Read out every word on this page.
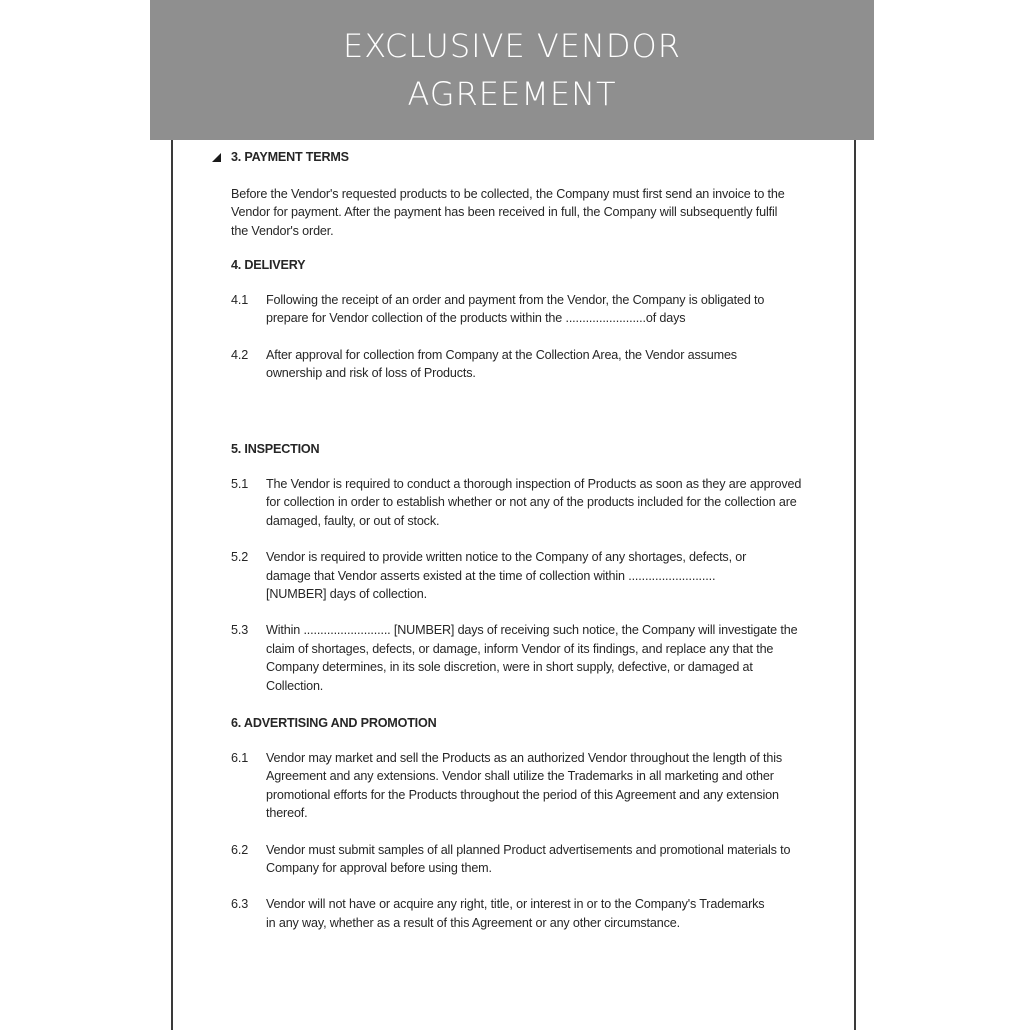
EXCLUSIVE VENDOR
AGREEMENT
3. PAYMENT TERMS

Before the Vendor's requested products to be collected, the Company must first send an invoice to the Vendor for payment. After the payment has been received in full, the Company will subsequently fulfil the Vendor's order.

4. DELIVERY
4.1	Following the receipt of an order and payment from the Vendor, the Company is obligated to prepare for Vendor collection of the products within the ........................of days
4.2	After approval for collection from Company at the Collection Area, the Vendor assumes ownership and risk of loss of Products.
5. INSPECTION
5.1	The Vendor is required to conduct a thorough inspection of Products as soon as they are approved for collection in order to establish whether or not any of the products included for the collection are damaged, faulty, or out of stock.
5.2	Vendor is required to provide written notice to the Company of any shortages, defects, or damage that Vendor asserts existed at the time of collection within .......................... [NUMBER] days of collection.
5.3	Within .......................... [NUMBER] days of receiving such notice, the Company will investigate the claim of shortages, defects, or damage, inform Vendor of its findings, and replace any that the Company determines, in its sole discretion, were in short supply, defective, or damaged at Collection.
6. ADVERTISING AND PROMOTION
6.1	Vendor may market and sell the Products as an authorized Vendor throughout the length of this Agreement and any extensions. Vendor shall utilize the Trademarks in all marketing and other promotional efforts for the Products throughout the period of this Agreement and any extension thereof.
6.2	Vendor must submit samples of all planned Product advertisements and promotional materials to Company for approval before using them.
6.3	Vendor will not have or acquire any right, title, or interest in or to the Company's Trademarks in any way, whether as a result of this Agreement or any other circumstance.
